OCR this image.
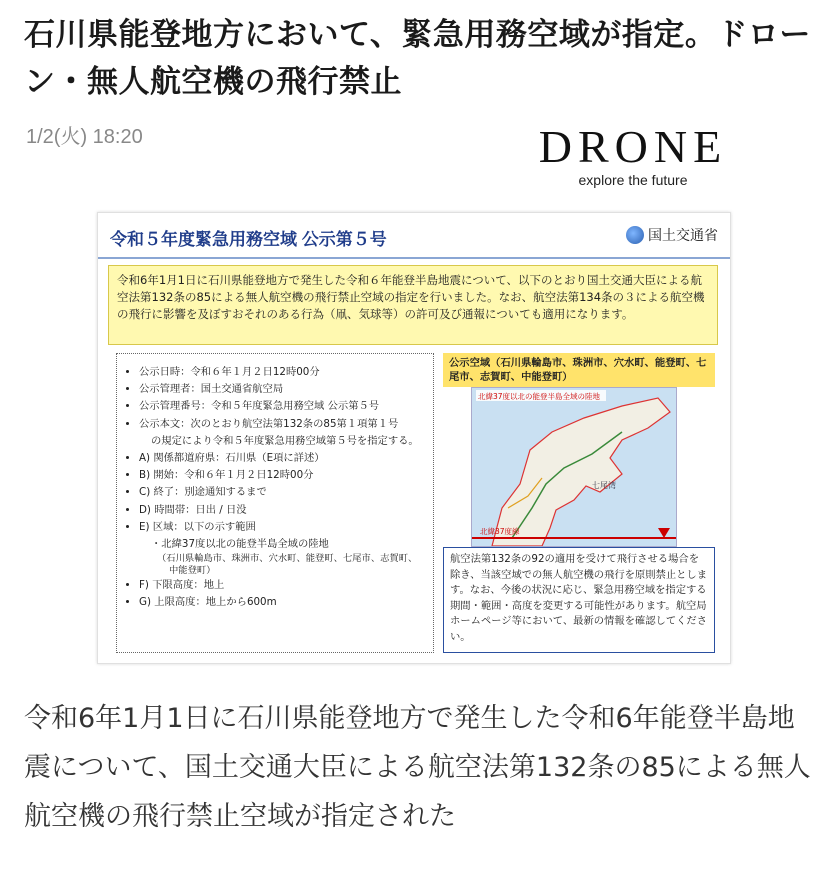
石川県能登地方において、緊急用務空域が指定。ドローン・無人航空機の飛行禁止
1/2(火) 18:20	DRONE
explore the future
令和５年度緊急用務空域 公示第５号	国土交通省
令和6年1月1日に石川県能登地方で発生した令和６年能登半島地震について、以下のとおり国土交通大臣による航空法第132条の85による無人航空機の飛行禁止空域の指定を行いました。なお、航空法第134条の３による航空機の飛行に影響を及ぼすおそれのある行為（凧、気球等）の許可及び通報についても適用になります。
• 公示日時：令和６年１月２日12時00分
• 公示管理者：国土交通省航空局
• 公示管理番号：令和５年度緊急用務空域 公示第５号
• 公示本文：次のとおり航空法第132条の85第１項第１号
の規定により令和５年度緊急用務空域第５号を指定する。
• A) 関係都道府県：石川県（E項に詳述）
• B) 開始：令和６年１月２日12時00分
• C) 終了：別途通知するまで
• D) 時間帯：日出 / 日没
• E) 区域：以下の示す範囲
・北緯37度以北の能登半島全域の陸地
（石川県輪島市、珠洲市、穴水町、能登町、七尾市、志賀町、
中能登町）
• F) 下限高度：地上
• G) 上限高度：地上から600m
公示空域（石川県輪島市、珠洲市、穴水町、能登町、七尾市、志賀町、中能登町）
北緯37度以北の能登半島全域の陸地
七尾湾
北緯37度線
航空法第132条の92の適用を受けて飛行させる場合を除き、当該空域での無人航空機の飛行を原則禁止とします。なお、今後の状況に応じ、緊急用務空域を指定する期間・範囲・高度を変更する可能性があります。航空局ホームページ等において、最新の情報を確認してください。
令和6年1月1日に石川県能登地方で発生した令和6年能登半島地震について、国土交通大臣による航空法第132条の85による無人航空機の飛行禁止空域が指定された
